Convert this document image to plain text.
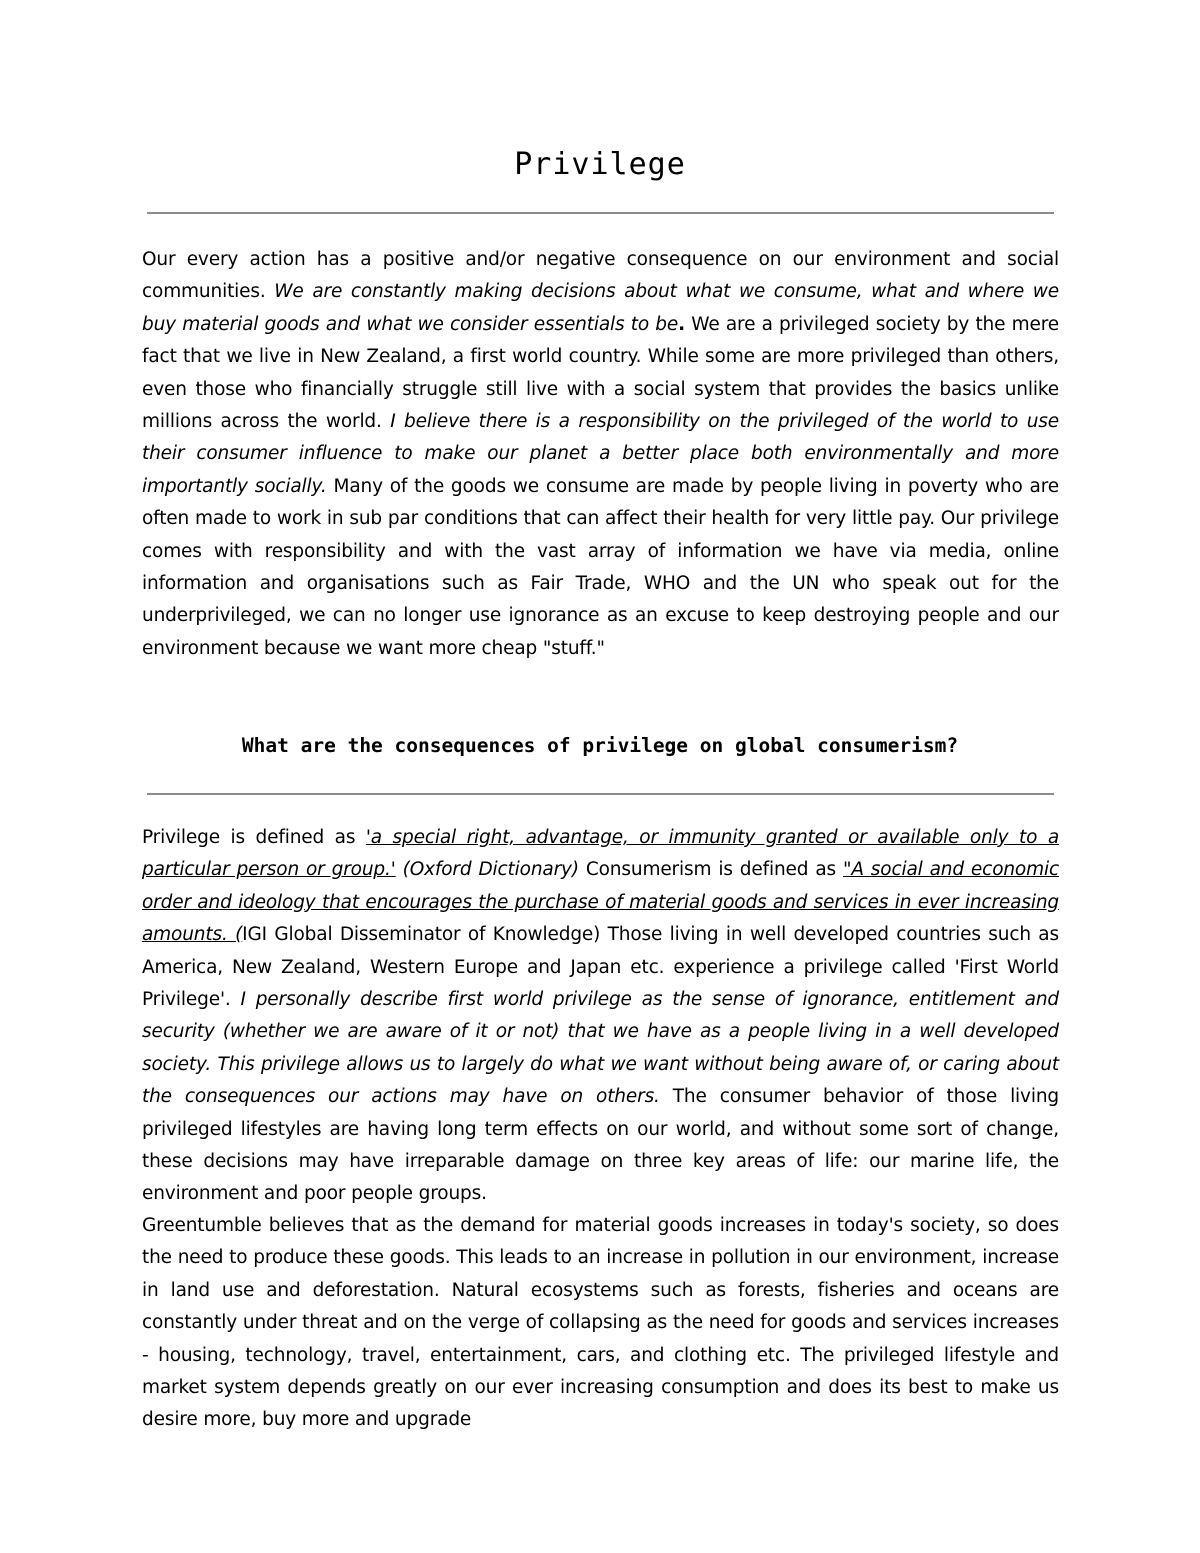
Privilege
Our every action has a positive and/or negative consequence on our environment and social communities. We are constantly making decisions about what we consume, what and where we buy material goods and what we consider essentials to be. We are a privileged society by the mere fact that we live in New Zealand, a first world country. While some are more privileged than others, even those who financially struggle still live with a social system that provides the basics unlike millions across the world. I believe there is a responsibility on the privileged of the world to use their consumer influence to make our planet a better place both environmentally and more importantly socially. Many of the goods we consume are made by people living in poverty who are often made to work in sub par conditions that can affect their health for very little pay. Our privilege comes with responsibility and with the vast array of information we have via media, online information and organisations such as Fair Trade, WHO and the UN who speak out for the underprivileged, we can no longer use ignorance as an excuse to keep destroying people and our environment because we want more cheap "stuff."
What are the consequences of privilege on global consumerism?
Privilege is defined as 'a special right, advantage, or immunity granted or available only to a particular person or group.' (Oxford Dictionary) Consumerism is defined as "A social and economic order and ideology that encourages the purchase of material goods and services in ever increasing amounts. (IGI Global Disseminator of Knowledge) Those living in well developed countries such as America, New Zealand, Western Europe and Japan etc. experience a privilege called 'First World Privilege'. I personally describe first world privilege as the sense of ignorance, entitlement and security (whether we are aware of it or not) that we have as a people living in a well developed society. This privilege allows us to largely do what we want without being aware of, or caring about the consequences our actions may have on others. The consumer behavior of those living privileged lifestyles are having long term effects on our world, and without some sort of change, these decisions may have irreparable damage on three key areas of life: our marine life, the environment and poor people groups.
Greentumble believes that as the demand for material goods increases in today's society, so does the need to produce these goods. This leads to an increase in pollution in our environment, increase in land use and deforestation. Natural ecosystems such as forests, fisheries and oceans are constantly under threat and on the verge of collapsing as the need for goods and services increases - housing, technology, travel, entertainment, cars, and clothing etc. The privileged lifestyle and market system depends greatly on our ever increasing consumption and does its best to make us desire more, buy more and upgrade
